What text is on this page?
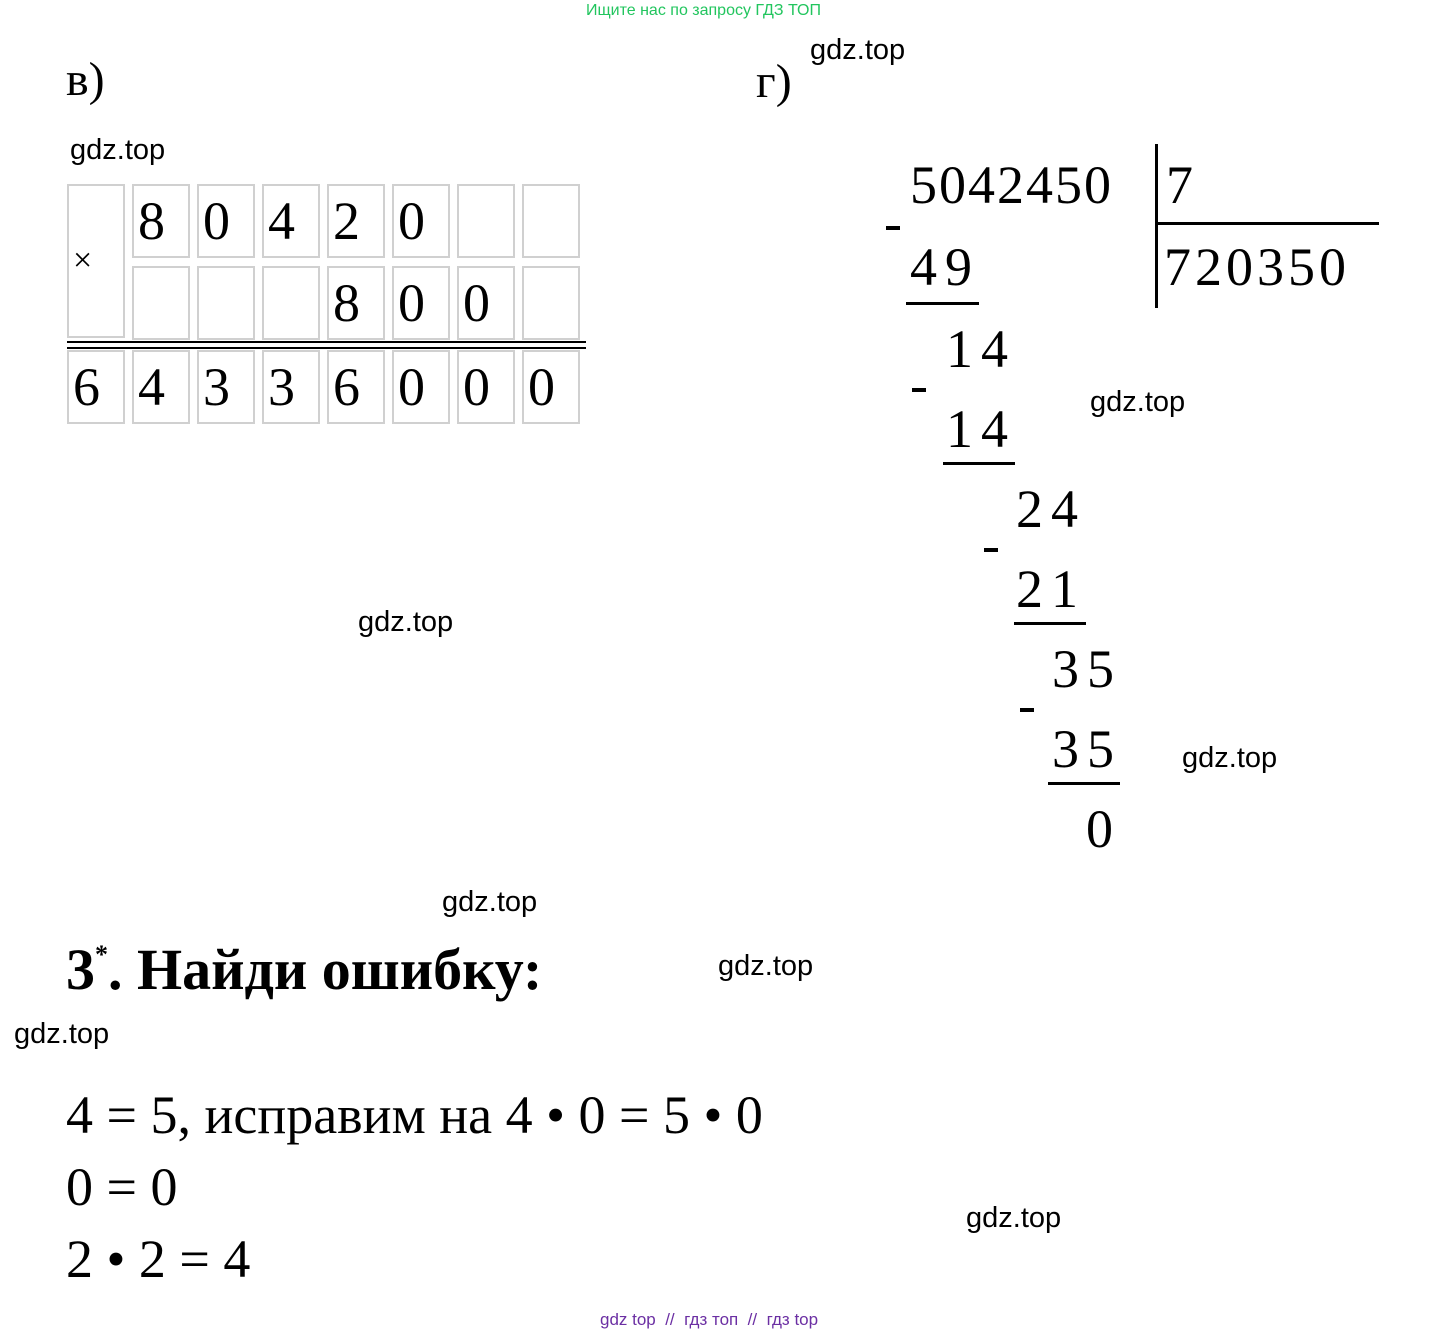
Ищите нас по запросу ГДЗ ТОП
gdz.top
gdz.top
gdz.top
gdz.top
gdz.top
gdz.top
gdz.top
gdz.top
gdz.top
в)
×
8 0 4 2 0
8 0 0
6 4 3 3 6 0 0 0
г)
5042450 7
720350
49
14
14
24
21
35
35
0
3*. Найди ошибку:
4 = 5, исправим на 4 • 0 = 5 • 0
0 = 0
2 • 2 = 4
gdz top  //  гдз топ  //  гдз top
